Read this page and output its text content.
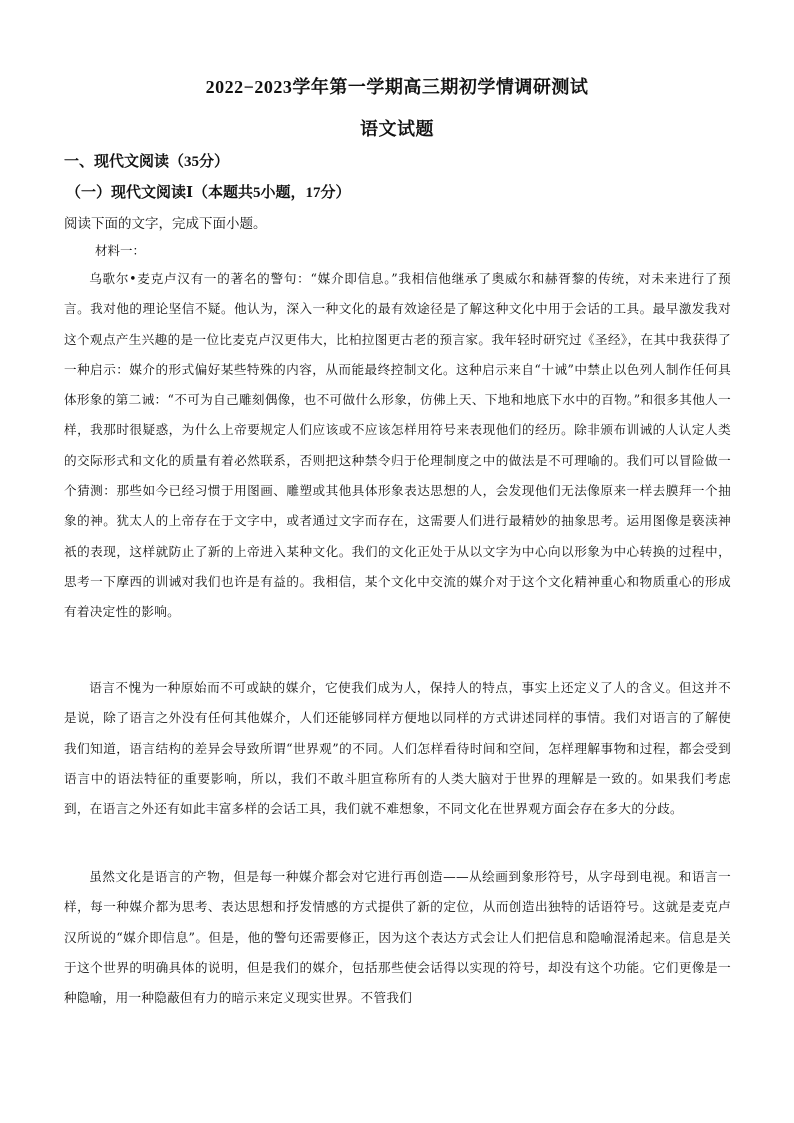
2022−2023学年第一学期高三期初学情调研测试
语文试题
一、现代文阅读（35分）
（一）现代文阅读Ⅰ（本题共5小题，17分）
阅读下面的文字，完成下面小题。
材料一：

乌歌尔•麦克卢汉有一的著名的警句：“媒介即信息。”我相信他继承了奥威尔和赫胥黎的传统，对未来进行了预言。我对他的理论坚信不疑。他认为，深入一种文化的最有效途径是了解这种文化中用于会话的工具。最早激发我对这个观点产生兴趣的是一位比麦克卢汉更伟大，比柏拉图更古老的预言家。我年轻时研究过《圣经》，在其中我获得了一种启示：媒介的形式偏好某些特殊的内容，从而能最终控制文化。这种启示来自“十诫”中禁止以色列人制作任何具体形象的第二诫：“不可为自己雕刻偶像，也不可做什么形象，仿佛上天、下地和地底下水中的百物。”和很多其他人一样，我那时很疑惑，为什么上帝要规定人们应该或不应该怎样用符号来表现他们的经历。除非颁布训诫的人认定人类的交际形式和文化的质量有着必然联系，否则把这种禁令归于伦理制度之中的做法是不可理喻的。我们可以冒险做一个猜测：那些如今已经习惯于用图画、雕塑或其他具体形象表达思想的人，会发现他们无法像原来一样去膜拜一个抽象的神。犹太人的上帝存在于文字中，或者通过文字而存在，这需要人们进行最精妙的抽象思考。运用图像是亵渎神祇的表现，这样就防止了新的上帝进入某种文化。我们的文化正处于从以文字为中心向以形象为中心转换的过程中，思考一下摩西的训诫对我们也许是有益的。我相信，某个文化中交流的媒介对于这个文化精神重心和物质重心的形成有着决定性的影响。

语言不愧为一种原始而不可或缺的媒介，它使我们成为人，保持人的特点，事实上还定义了人的含义。但这并不是说，除了语言之外没有任何其他媒介，人们还能够同样方便地以同样的方式讲述同样的事情。我们对语言的了解使我们知道，语言结构的差异会导致所谓“世界观”的不同。人们怎样看待时间和空间，怎样理解事物和过程，都会受到语言中的语法特征的重要影响，所以，我们不敢斗胆宣称所有的人类大脑对于世界的理解是一致的。如果我们考虑到，在语言之外还有如此丰富多样的会话工具，我们就不难想象，不同文化在世界观方面会存在多大的分歧。

虽然文化是语言的产物，但是每一种媒介都会对它进行再创造——从绘画到象形符号，从字母到电视。和语言一样，每一种媒介都为思考、表达思想和抒发情感的方式提供了新的定位，从而创造出独特的话语符号。这就是麦克卢汉所说的“媒介即信息”。但是，他的警句还需要修正，因为这个表达方式会让人们把信息和隐喻混淆起来。信息是关于这个世界的明确具体的说明，但是我们的媒介，包括那些使会话得以实现的符号，却没有这个功能。它们更像是一种隐喻，用一种隐蔽但有力的暗示来定义现实世界。不管我们
